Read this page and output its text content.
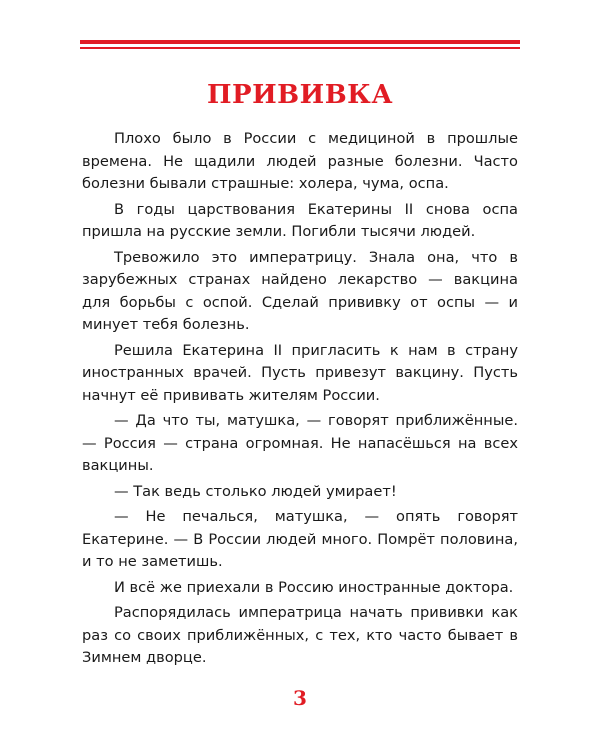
ПРИВИВКА

Плохо было в России с медициной в прошлые времена. Не щадили людей разные болезни. Часто болезни бывали страшные: холера, чума, оспа.

В годы царствования Екатерины II снова оспа пришла на русские земли. Погибли тысячи людей.

Тревожило это императрицу. Знала она, что в зарубежных странах найдено лекарство — вакцина для борьбы с оспой. Сделай прививку от оспы — и минует тебя болезнь.

Решила Екатерина II пригласить к нам в страну иностранных врачей. Пусть привезут вакцину. Пусть начнут её прививать жителям России.

— Да что ты, матушка, — говорят приближённые. — Россия — страна огромная. Не напасёшься на всех вакцины.

— Так ведь столько людей умирает!

— Не печалься, матушка, — опять говорят Екатерине. — В России людей много. Помрёт половина, и то не заметишь.

И всё же приехали в Россию иностранные доктора.

Распорядилась императрица начать прививки как раз со своих приближённых, с тех, кто часто бывает в Зимнем дворце.

3
